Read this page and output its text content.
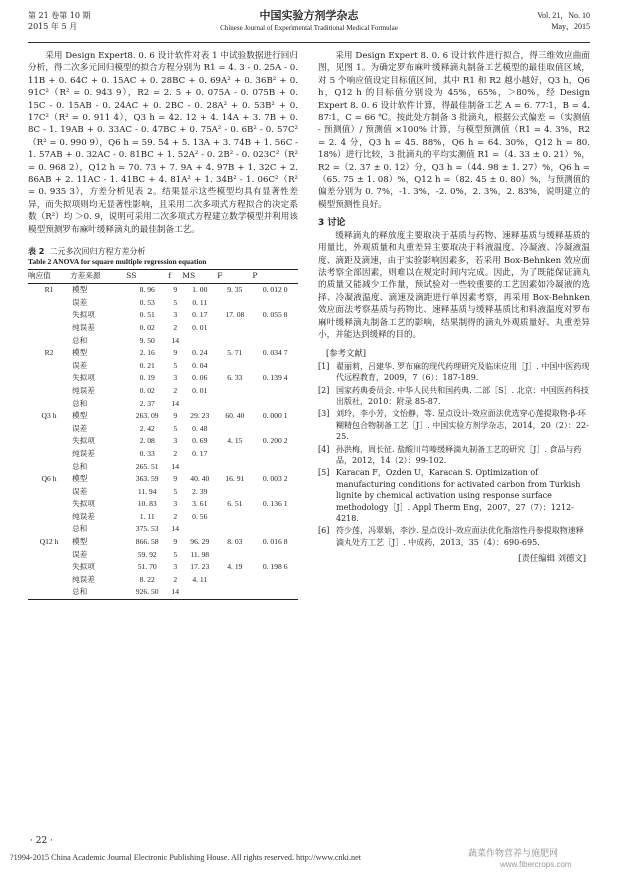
第 21 卷第 10 期
2015 年 5 月
中国实验方剂学杂志
Chinese Journal of Experimental Traditional Medical Formulae
Vol. 21，No. 10
May，2015

采用 Design Expert8. 0. 6 设计软件对表 1 中试验数据进行回归分析，得二次多元回归模型的拟合方程分别为 R1 = 4. 3 - 0. 25A - 0. 11B + 0. 64C + 0. 15AC + 0. 28BC + 0. 69A² + 0. 36B² + 0. 91C²（R² = 0. 943 9），R2 = 2. 5 + 0. 075A - 0. 075B + 0. 15C - 0. 15AB - 0. 24AC + 0. 2BC - 0. 28A² + 0. 53B² + 0. 17C²（R² = 0. 911 4），Q3 h = 42. 12 + 4. 14A + 3. 7B + 0. 8C - 1. 19AB + 0. 33AC - 0. 47BC + 0. 75A² - 0. 6B² - 0. 57C²（R² = 0. 990 9），Q6 h = 59. 54 + 5. 13A + 3. 74B + 1. 56C - 1. 57AB + 0. 32AC - 0. 81BC + 1. 52A² - 0. 2B² - 0. 023C²（R² = 0. 968 2），Q12 h = 70. 73 + 7. 9A + 4. 97B + 1. 32C + 2. 86AB + 2. 11AC - 1. 41BC + 4. 81A² + 1. 34B² - 1. 06C²（R² = 0. 935 3），方差分析见表 2。结果显示这些模型均具有显著性差异，而失拟项则均无显著性影响，且采用二次多项式方程拟合的决定系数（R²）均 ＞0. 9，说明可采用二次多项式方程建立数学模型并利用该模型预测罗布麻叶缓释滴丸的最佳制备工艺。

表 2 二元多次回归方程方差分析
Table 2 ANOVA for square multiple regression equation
响应值	方差来源	SS	f	MS	F	P
R1	模型	8. 96	9	1. 00	9. 35	0. 012 0
	误差	0. 53	5	0. 11		
	失拟项	0. 51	3	0. 17	17. 08	0. 055 8
	纯误差	0. 02	2	0. 01		
	总和	9. 50	14			
R2	模型	2. 16	9	0. 24	5. 71	0. 034 7
	误差	0. 21	5	0. 04		
	失拟项	0. 19	3	0. 06	6. 33	0. 139 4
	纯误差	0. 02	2	0. 01		
	总和	2. 37	14			
Q3 h	模型	263. 09	9	29. 23	60. 40	0. 000 1
	误差	2. 42	5	0. 48		
	失拟项	2. 08	3	0. 69	4. 15	0. 200 2
	纯误差	0. 33	2	0. 17		
	总和	265. 51	14			
Q6 h	模型	363. 59	9	40. 40	16. 91	0. 003 2
	误差	11. 94	5	2. 39		
	失拟项	10. 83	3	3. 61	6. 51	0. 136 1
	纯误差	1. 11	2	0. 56		
	总和	375. 53	14			
Q12 h	模型	866. 58	9	96. 29	8. 03	0. 016 8
	误差	59. 92	5	11. 98		
	失拟项	51. 70	3	17. 23	4. 19	0. 198 6
	纯误差	8. 22	2	4. 11		
	总和	926. 50	14			

采用 Design Expert 8. 0. 6 设计软件进行拟合，得三维效应曲面图，见图 1。为确定罗布麻叶缓释滴丸制备工艺模型的最佳取值区域，对 5 个响应值设定目标值区间，其中 R1 和 R2 越小越好，Q3 h，Q6 h，Q12 h 的目标值分别设为 45%，65%，＞80%，经 Design Expert 8. 0. 6 设计软件计算，得最佳制备工艺 A = 6. 77∶1，B = 4. 87∶1，C = 66 ℃。按此处方制备 3 批滴丸，根据公式偏差 =（实测值 - 预测值）/ 预测值 ×100% 计算，与模型预测值（R1 = 4. 3%，R2 = 2. 4 分，Q3 h = 45. 88%，Q6 h = 64. 30%，Q12 h = 80. 18%）进行比较，3 批滴丸的平均实测值 R1 =（4. 33 ± 0. 21）%，R2 =（2. 37 ± 0. 12）分，Q3 h =（44. 98 ± 1. 27）%，Q6 h =（65. 75 ± 1. 08）%，Q12 h =（82. 45 ± 0. 80）%，与预测值的偏差分别为 0. 7%，-1. 3%，-2. 0%，2. 3%，2. 83%，说明建立的模型预测性良好。

3 讨论

缓释滴丸的释放度主要取决于基质与药物、速释基质与缓释基质的用量比，外观质量和丸重差异主要取决于料液温度、冷凝液、冷凝液温度、滴距及滴速，由于实验影响因素多，若采用 Box-Behnken 效应面法考察全部因素，则难以在规定时间内完成。因此，为了既能保证滴丸的质量又能减少工作量，预试验对一些较重要的工艺因素如冷凝液的选择、冷凝液温度、滴速及滴距进行单因素考察，再采用 Box-Behnken 效应面法考察基质与药物比、速释基质与缓释基质比和料液温度对罗布麻叶缓释滴丸制备工艺的影响，结果制得的滴丸外观质量好、丸重差异小，并能达到缓释的目的。

[参考文献]
[1] 翟丽莉，吕建华. 罗布麻的现代药理研究及临床应用［J］. 中国中医药现代远程教育，2009，7（6）：187-189.
[2] 国家药典委员会. 中华人民共和国药典. 二部［S］. 北京：中国医药科技出版社，2010：附录 85-87.
[3] 刘玲，李小芳，文怡静，等. 星点设计-效应面法优选穿心莲提取物-β-环糊精包合物制备工艺［J］. 中国实验方剂学杂志，2014，20（2）：22-25.
[4] 孙洪梅，周长征. 盐酸川芎嗪缓释滴丸制备工艺的研究［J］. 食品与药品，2012，14（2）：99-102.
[5] Karacan F，Ozden U，Karacan S. Optimization of manufacturing conditions for activated carbon from Turkish lignite by chemical activation using response surface methodology［J］. Appl Therm Eng，2007，27（7）：1212-4218.
[6] 符少莲，冯翠娟，李沙. 星点设计-效应面法优化脂溶性丹参提取物速释滴丸处方工艺［J］. 中成药，2013，35（4）：690-695.
[责任编辑 刘德文]
· 22 ·
?1994-2015 China Academic Journal Electronic Publishing House. All rights reserved. http://www.cnki.net	蔬菜作物营养与施肥网
www.fibercrops.com
